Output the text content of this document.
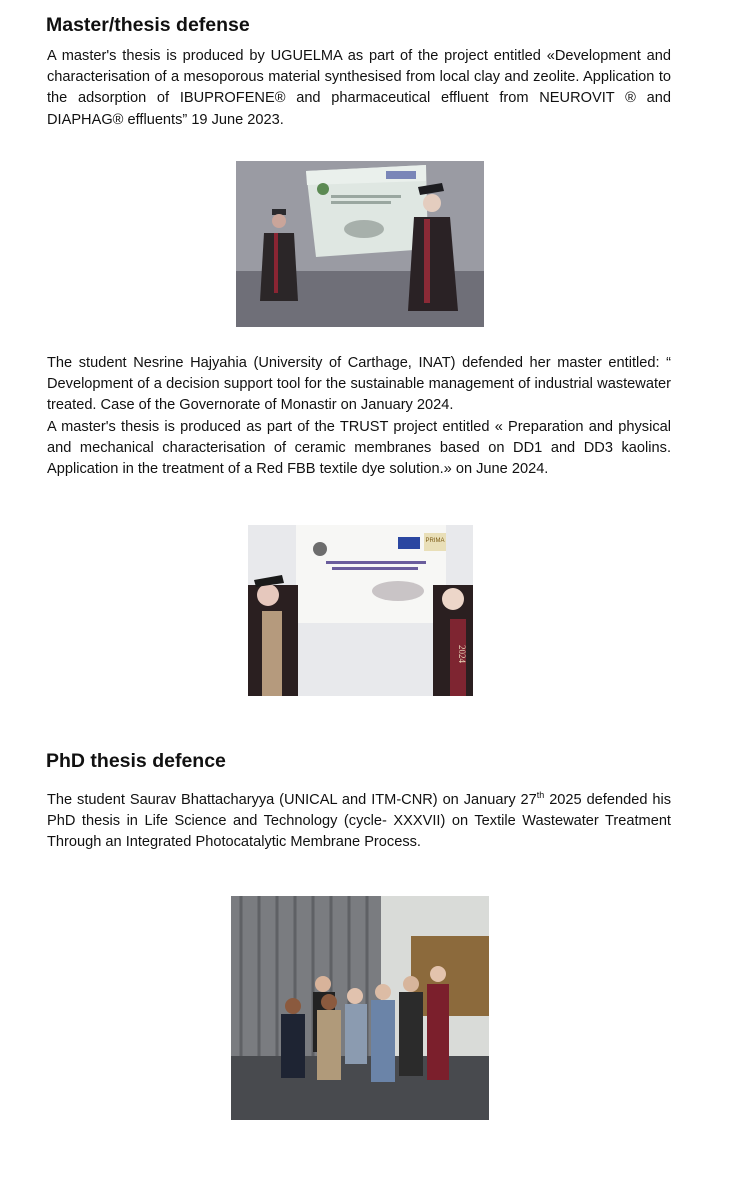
Master/thesis defense

A master's thesis is produced by UGUELMA as part of the project entitled «Development and characterisation of a mesoporous material synthesised from local clay and zeolite. Application to the adsorption of IBUPROFENE® and pharmaceutical effluent from NEUROVIT ® and DIAPHAG® effluents” 19 June 2023.

The student Nesrine Hajyahia (University of Carthage, INAT) defended her master entitled: “ Development of a decision support tool for the sustainable management of industrial wastewater treated. Case of the Governorate of Monastir on January 2024.

A master's thesis is produced as part of the TRUST project entitled « Preparation and physical and mechanical characterisation of ceramic membranes based on DD1 and DD3 kaolins. Application in the treatment of a Red FBB textile dye solution.» on June 2024.

PRIMA
2024
PhD thesis defence

The student Saurav Bhattacharyya (UNICAL and ITM-CNR) on January 27th 2025 defended his PhD thesis in Life Science and Technology (cycle- XXXVII) on Textile Wastewater Treatment Through an Integrated Photocatalytic Membrane Process.
